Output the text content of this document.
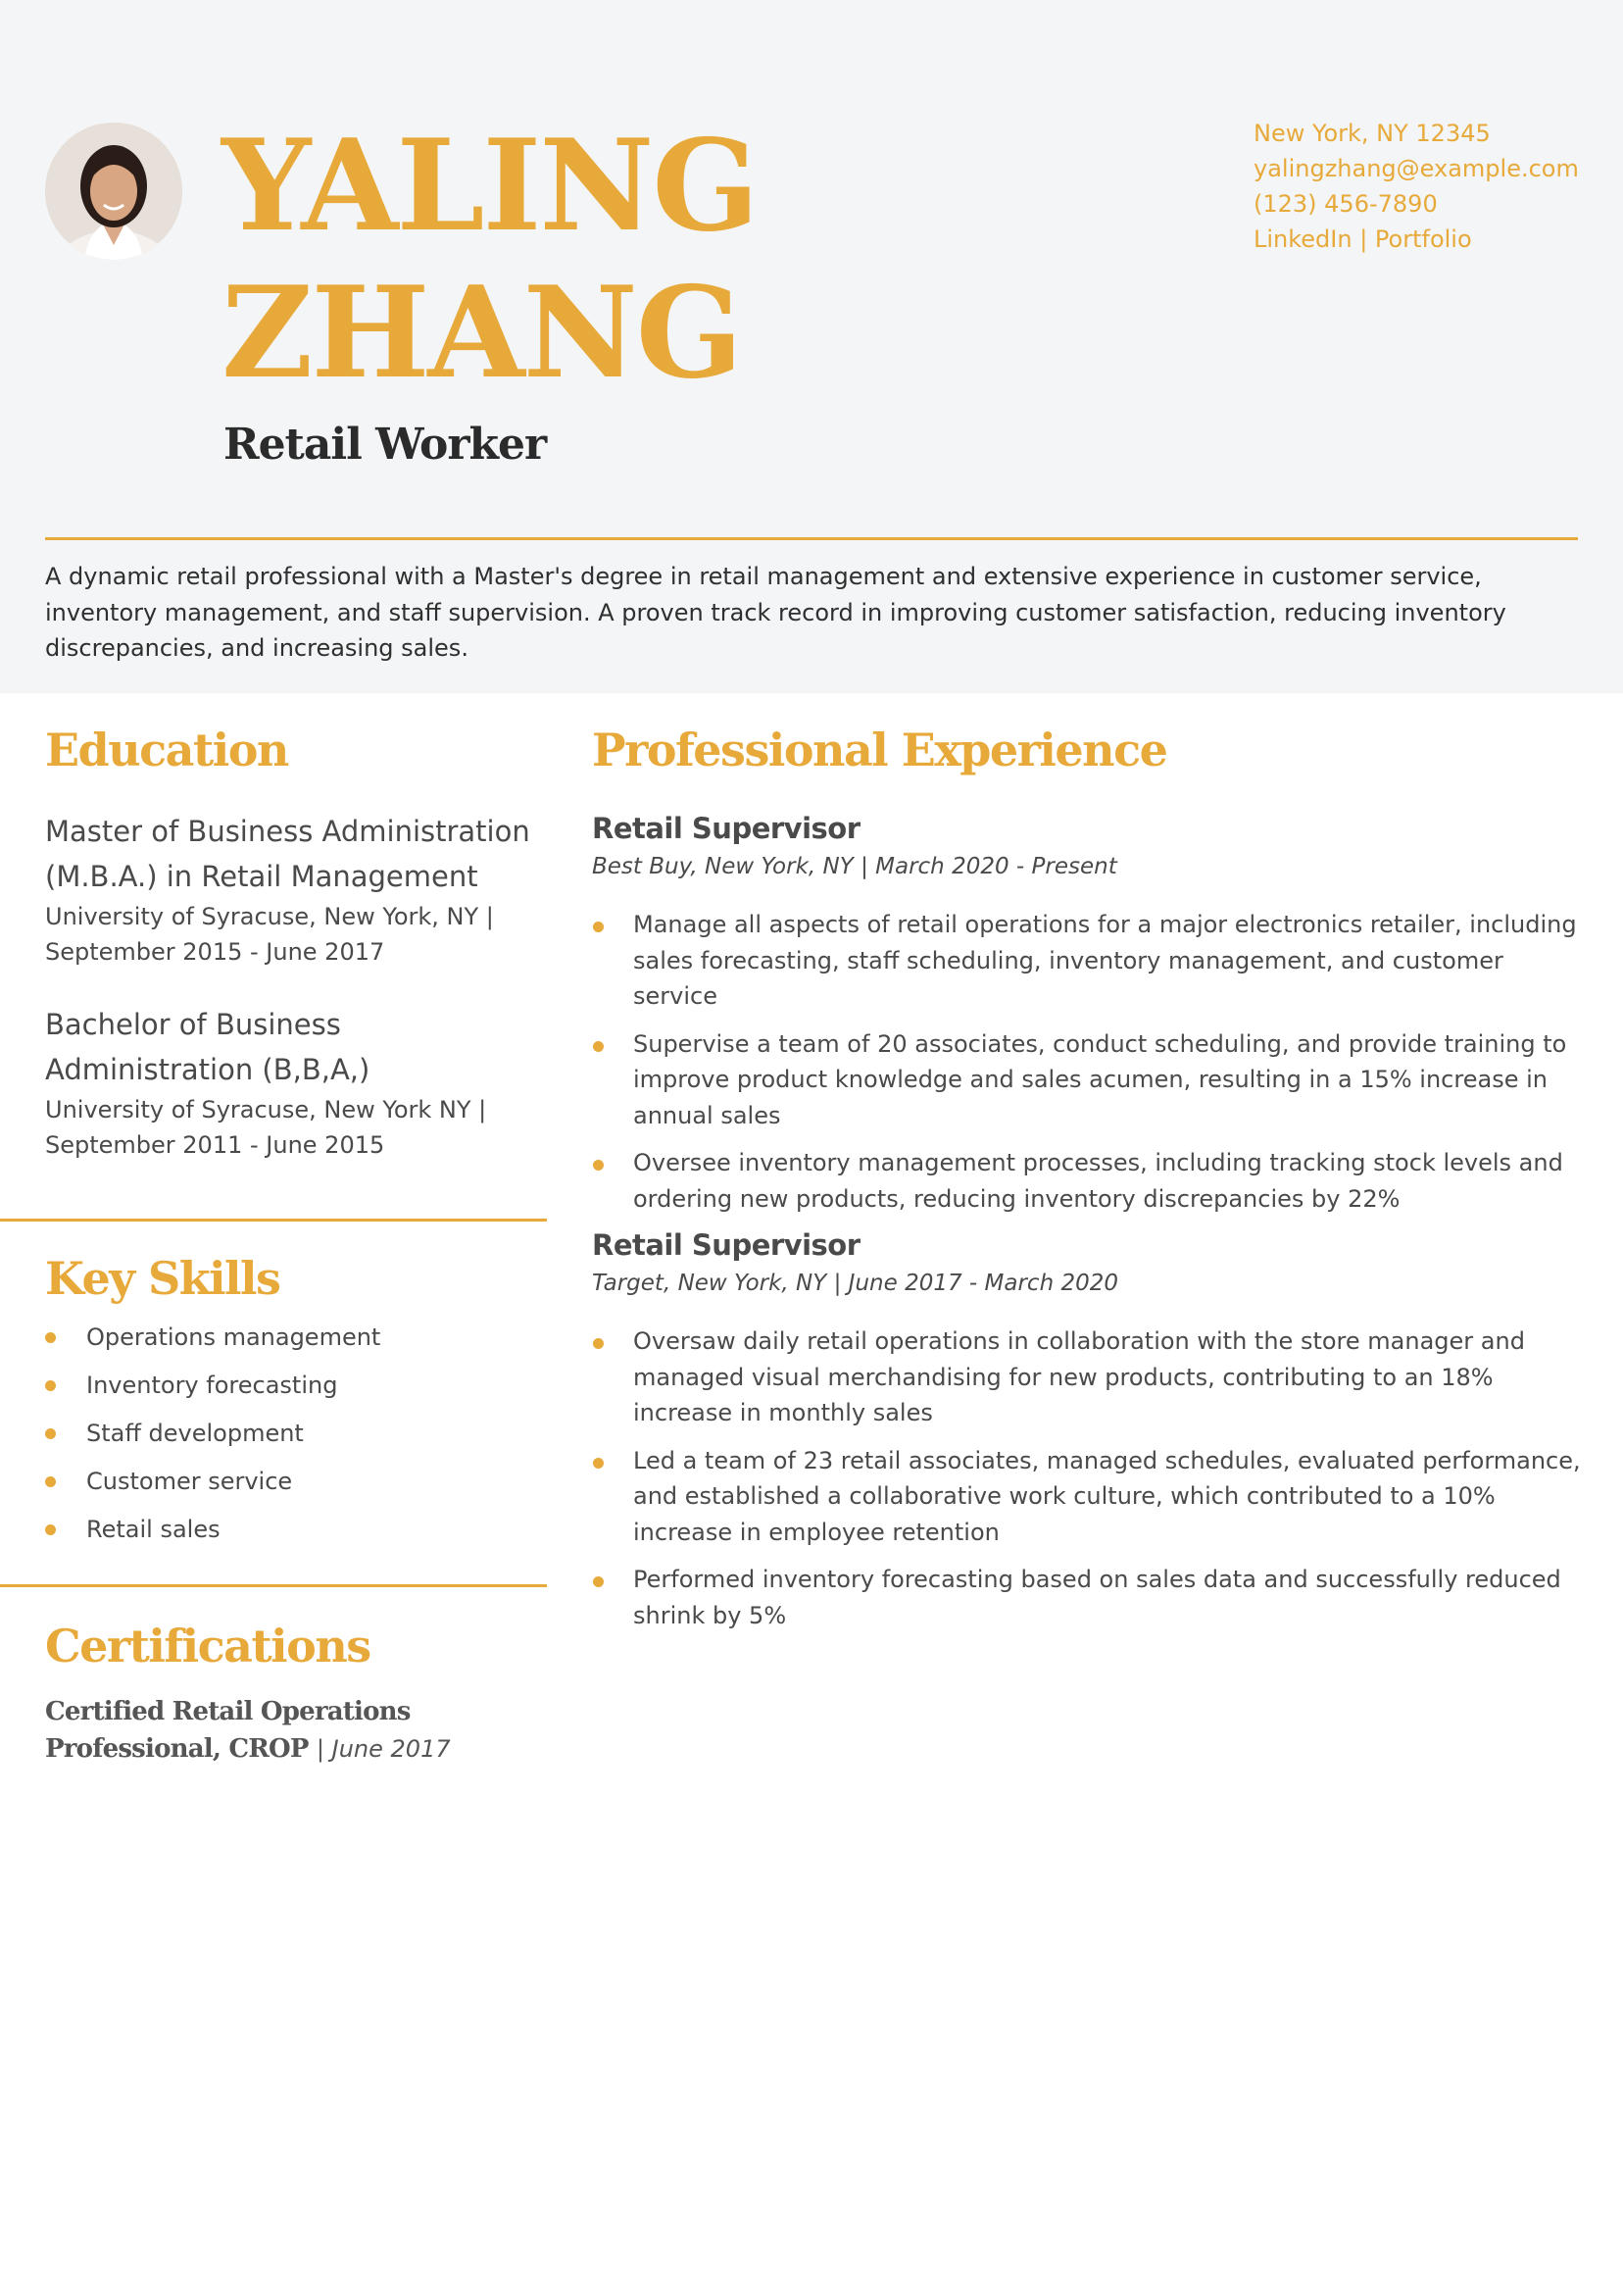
YALING
ZHANG
Retail Worker
New York, NY 12345
yalingzhang@example.com
(123) 456-7890
LinkedIn | Portfolio

A dynamic retail professional with a Master's degree in retail management and extensive experience in customer service, inventory management, and staff supervision. A proven track record in improving customer satisfaction, reducing inventory discrepancies, and increasing sales.

Education
Master of Business Administration (M.B.A.) in Retail Management
University of Syracuse, New York, NY | September 2015 - June 2017
Bachelor of Business Administration (B,B,A,)
University of Syracuse, New York NY | September 2011 - June 2015
Key Skills
Operations management
Inventory forecasting
Staff development
Customer service
Retail sales
Certifications
Certified Retail Operations Professional, CROP | June 2017
Professional Experience
Retail Supervisor
Best Buy, New York, NY | March 2020 - Present
Manage all aspects of retail operations for a major electronics retailer, including sales forecasting, staff scheduling, inventory management, and customer service
Supervise a team of 20 associates, conduct scheduling, and provide training to improve product knowledge and sales acumen, resulting in a 15% increase in annual sales
Oversee inventory management processes, including tracking stock levels and ordering new products, reducing inventory discrepancies by 22%
Retail Supervisor
Target, New York, NY | June 2017 - March 2020
Oversaw daily retail operations in collaboration with the store manager and managed visual merchandising for new products, contributing to an 18% increase in monthly sales
Led a team of 23 retail associates, managed schedules, evaluated performance, and established a collaborative work culture, which contributed to a 10% increase in employee retention
Performed inventory forecasting based on sales data and successfully reduced shrink by 5%
